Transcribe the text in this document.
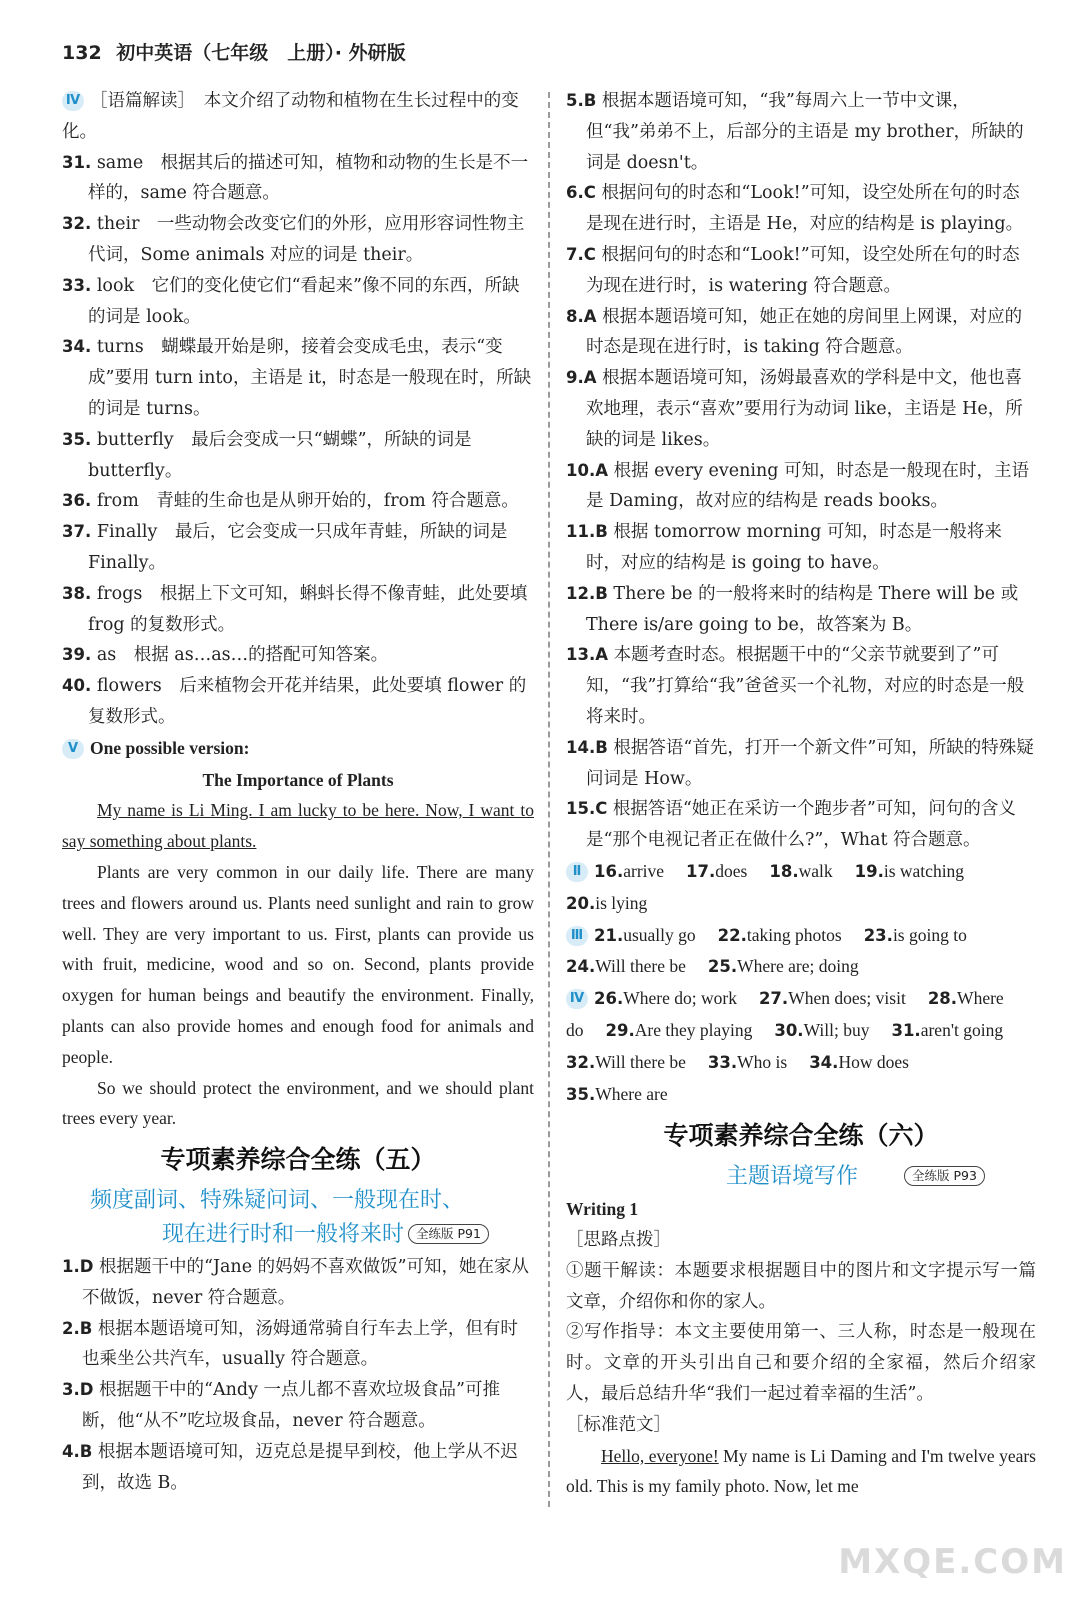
132 初中英语（七年级　上册）· 外研版

Ⅳ ［语篇解读］　本文介绍了动物和植物在生长过程中的变化。

31. same　根据其后的描述可知，植物和动物的生长是不一样的，same 符合题意。

32. their　一些动物会改变它们的外形，应用形容词性物主代词，Some animals 对应的词是 their。

33. look　它们的变化使它们“看起来”像不同的东西，所缺的词是 look。

34. turns　蝴蝶最开始是卵，接着会变成毛虫，表示“变成”要用 turn into，主语是 it，时态是一般现在时，所缺的词是 turns。

35. butterfly　最后会变成一只“蝴蝶”，所缺的词是 butterfly。

36. from　青蛙的生命也是从卵开始的，from 符合题意。

37. Finally　最后，它会变成一只成年青蛙，所缺的词是 Finally。

38. frogs　根据上下文可知，蝌蚪长得不像青蛙，此处要填 frog 的复数形式。

39. as　根据 as…as…的搭配可知答案。

40. flowers　后来植物会开花并结果，此处要填 flower 的复数形式。

Ⅴ One possible version:

The Importance of Plants

My name is Li Ming. I am lucky to be here. Now, I want to say something about plants.

Plants are very common in our daily life. There are many trees and flowers around us. Plants need sunlight and rain to grow well. They are very important to us. First, plants can provide us with fruit, medicine, wood and so on. Second, plants provide oxygen for human beings and beautify the environment. Finally, plants can also provide homes and enough food for animals and people.

So we should protect the environment, and we should plant trees every year.

专项素养综合全练（五）
频度副词、特殊疑问词、一般现在时、
现在进行时和一般将来时 全练版 P91

1.D 根据题干中的“Jane 的妈妈不喜欢做饭”可知，她在家从不做饭，never 符合题意。

2.B 根据本题语境可知，汤姆通常骑自行车去上学，但有时也乘坐公共汽车，usually 符合题意。

3.D 根据题干中的“Andy 一点儿都不喜欢垃圾食品”可推断，他“从不”吃垃圾食品，never 符合题意。

4.B 根据本题语境可知，迈克总是提早到校，他上学从不迟到，故选 B。

5.B 根据本题语境可知，“我”每周六上一节中文课，但“我”弟弟不上，后部分的主语是 my brother，所缺的词是 doesn't。

6.C 根据问句的时态和“Look!”可知，设空处所在句的时态是现在进行时，主语是 He，对应的结构是 is playing。

7.C 根据问句的时态和“Look!”可知，设空处所在句的时态为现在进行时，is watering 符合题意。

8.A 根据本题语境可知，她正在她的房间里上网课，对应的时态是现在进行时，is taking 符合题意。

9.A 根据本题语境可知，汤姆最喜欢的学科是中文，他也喜欢地理，表示“喜欢”要用行为动词 like，主语是 He，所缺的词是 likes。

10.A 根据 every evening 可知，时态是一般现在时，主语是 Daming，故对应的结构是 reads books。

11.B 根据 tomorrow morning 可知，时态是一般将来时，对应的结构是 is going to have。

12.B There be 的一般将来时的结构是 There will be 或 There is/are going to be，故答案为 B。

13.A 本题考查时态。根据题干中的“父亲节就要到了”可知，“我”打算给“我”爸爸买一个礼物，对应的时态是一般将来时。

14.B 根据答语“首先，打开一个新文件”可知，所缺的特殊疑问词是 How。

15.C 根据答语“她正在采访一个跑步者”可知，问句的含义是“那个电视记者正在做什么?”，What 符合题意。

Ⅱ 16.arrive 17.does 18.walk 19.is watching

20.is lying

Ⅲ 21.usually go 22.taking photos 23.is going to

24.Will there be 25.Where are; doing

Ⅳ 26.Where do; work 27.When does; visit 28.Where

do 29.Are they playing 30.Will; buy 31.aren't going

32.Will there be 33.Who is 34.How does

35.Where are

专项素养综合全练（六）
主题语境写作	全练版 P93

Writing 1

［思路点拨］

①题干解读：本题要求根据题目中的图片和文字提示写一篇文章，介绍你和你的家人。

②写作指导：本文主要使用第一、三人称，时态是一般现在时。文章的开头引出自己和要介绍的全家福，然后介绍家人，最后总结升华“我们一起过着幸福的生活”。

［标准范文］

Hello, everyone! My name is Li Daming and I'm twelve years old. This is my family photo. Now, let me

MXQE.COM
